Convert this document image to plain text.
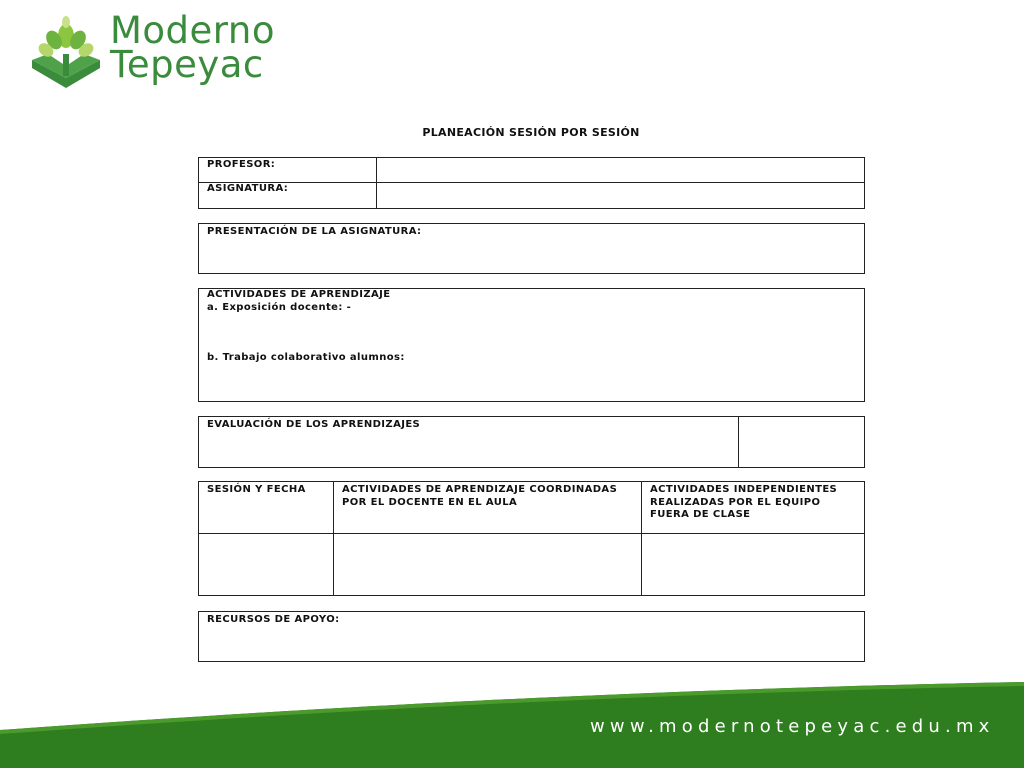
Moderno
Tepeyac
PLANEACIÓN SESIÓN POR SESIÓN
PROFESOR:
ASIGNATURA:
PRESENTACIÓN DE LA ASIGNATURA:
ACTIVIDADES DE APRENDIZAJE
a. Exposición docente: -
b. Trabajo colaborativo alumnos:
EVALUACIÓN DE LOS APRENDIZAJES
SESIÓN Y FECHA	ACTIVIDADES DE APRENDIZAJE COORDINADAS POR EL DOCENTE EN EL AULA
ACTIVIDADES INDEPENDIENTES REALIZADAS POR EL EQUIPO FUERA DE CLASE
RECURSOS DE APOYO:
www.modernotepeyac.edu.mx
